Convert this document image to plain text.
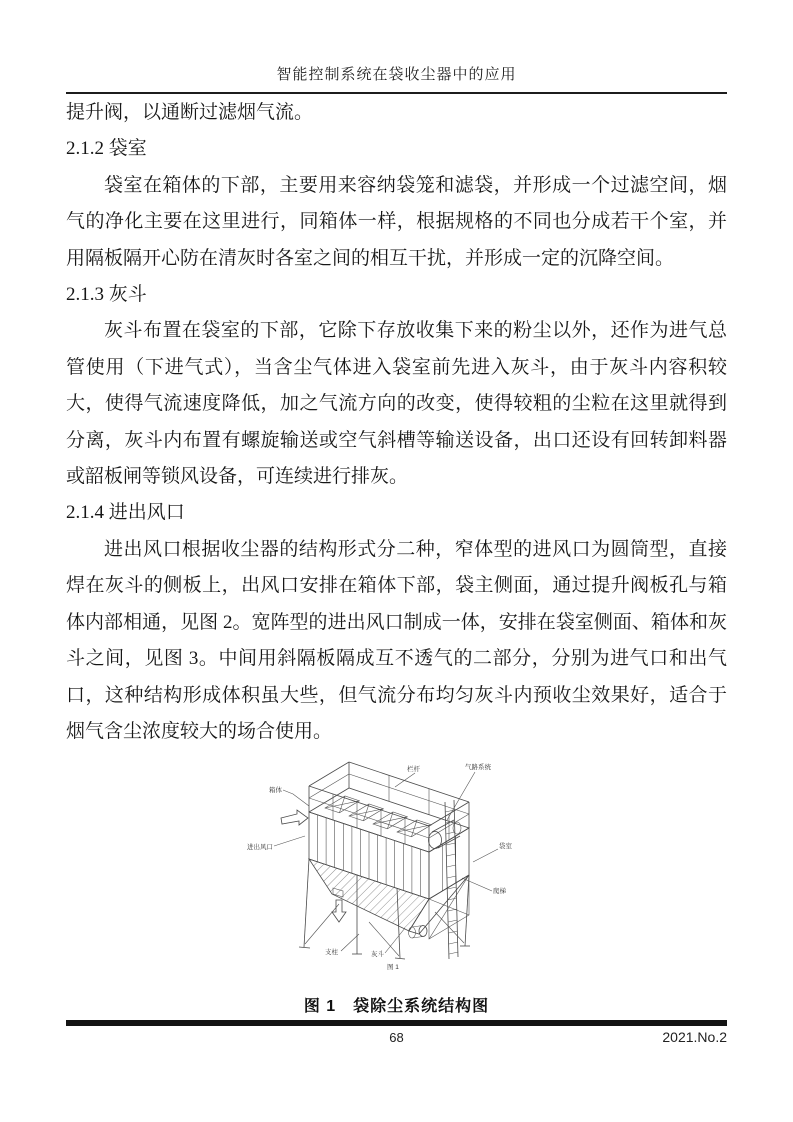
智能控制系统在袋收尘器中的应用
提升阀，以通断过滤烟气流。
2.1.2 袋室
袋室在箱体的下部，主要用来容纳袋笼和滤袋，并形成一个过滤空间，烟气的净化主要在这里进行，同箱体一样，根据规格的不同也分成若干个室，并用隔板隔开心防在清灰时各室之间的相互干扰，并形成一定的沉降空间。
2.1.3 灰斗
灰斗布置在袋室的下部，它除下存放收集下来的粉尘以外，还作为进气总管使用（下进气式），当含尘气体进入袋室前先进入灰斗，由于灰斗内容积较大，使得气流速度降低，加之气流方向的改变，使得较粗的尘粒在这里就得到分离，灰斗内布置有螺旋输送或空气斜槽等输送设备，出口还设有回转卸料器或韶板闸等锁风设备，可连续进行排灰。
2.1.4 进出风口
进出风口根据收尘器的结构形式分二种，窄体型的进风口为圆筒型，直接焊在灰斗的侧板上，出风口安排在箱体下部，袋主侧面，通过提升阀板孔与箱体内部相通，见图 2。宽阵型的进出风口制成一体，安排在袋室侧面、箱体和灰斗之间，见图 3。中间用斜隔板隔成互不透气的二部分，分别为进气口和出气口，这种结构形成体积虽大些，但气流分布均匀灰斗内预收尘效果好，适合于烟气含尘浓度较大的场合使用。
箱体
栏杆	气路系统
进出风口	袋室
爬梯
支柱	灰斗
图 1
图 1　袋除尘系统结构图
68	2021.No.2
